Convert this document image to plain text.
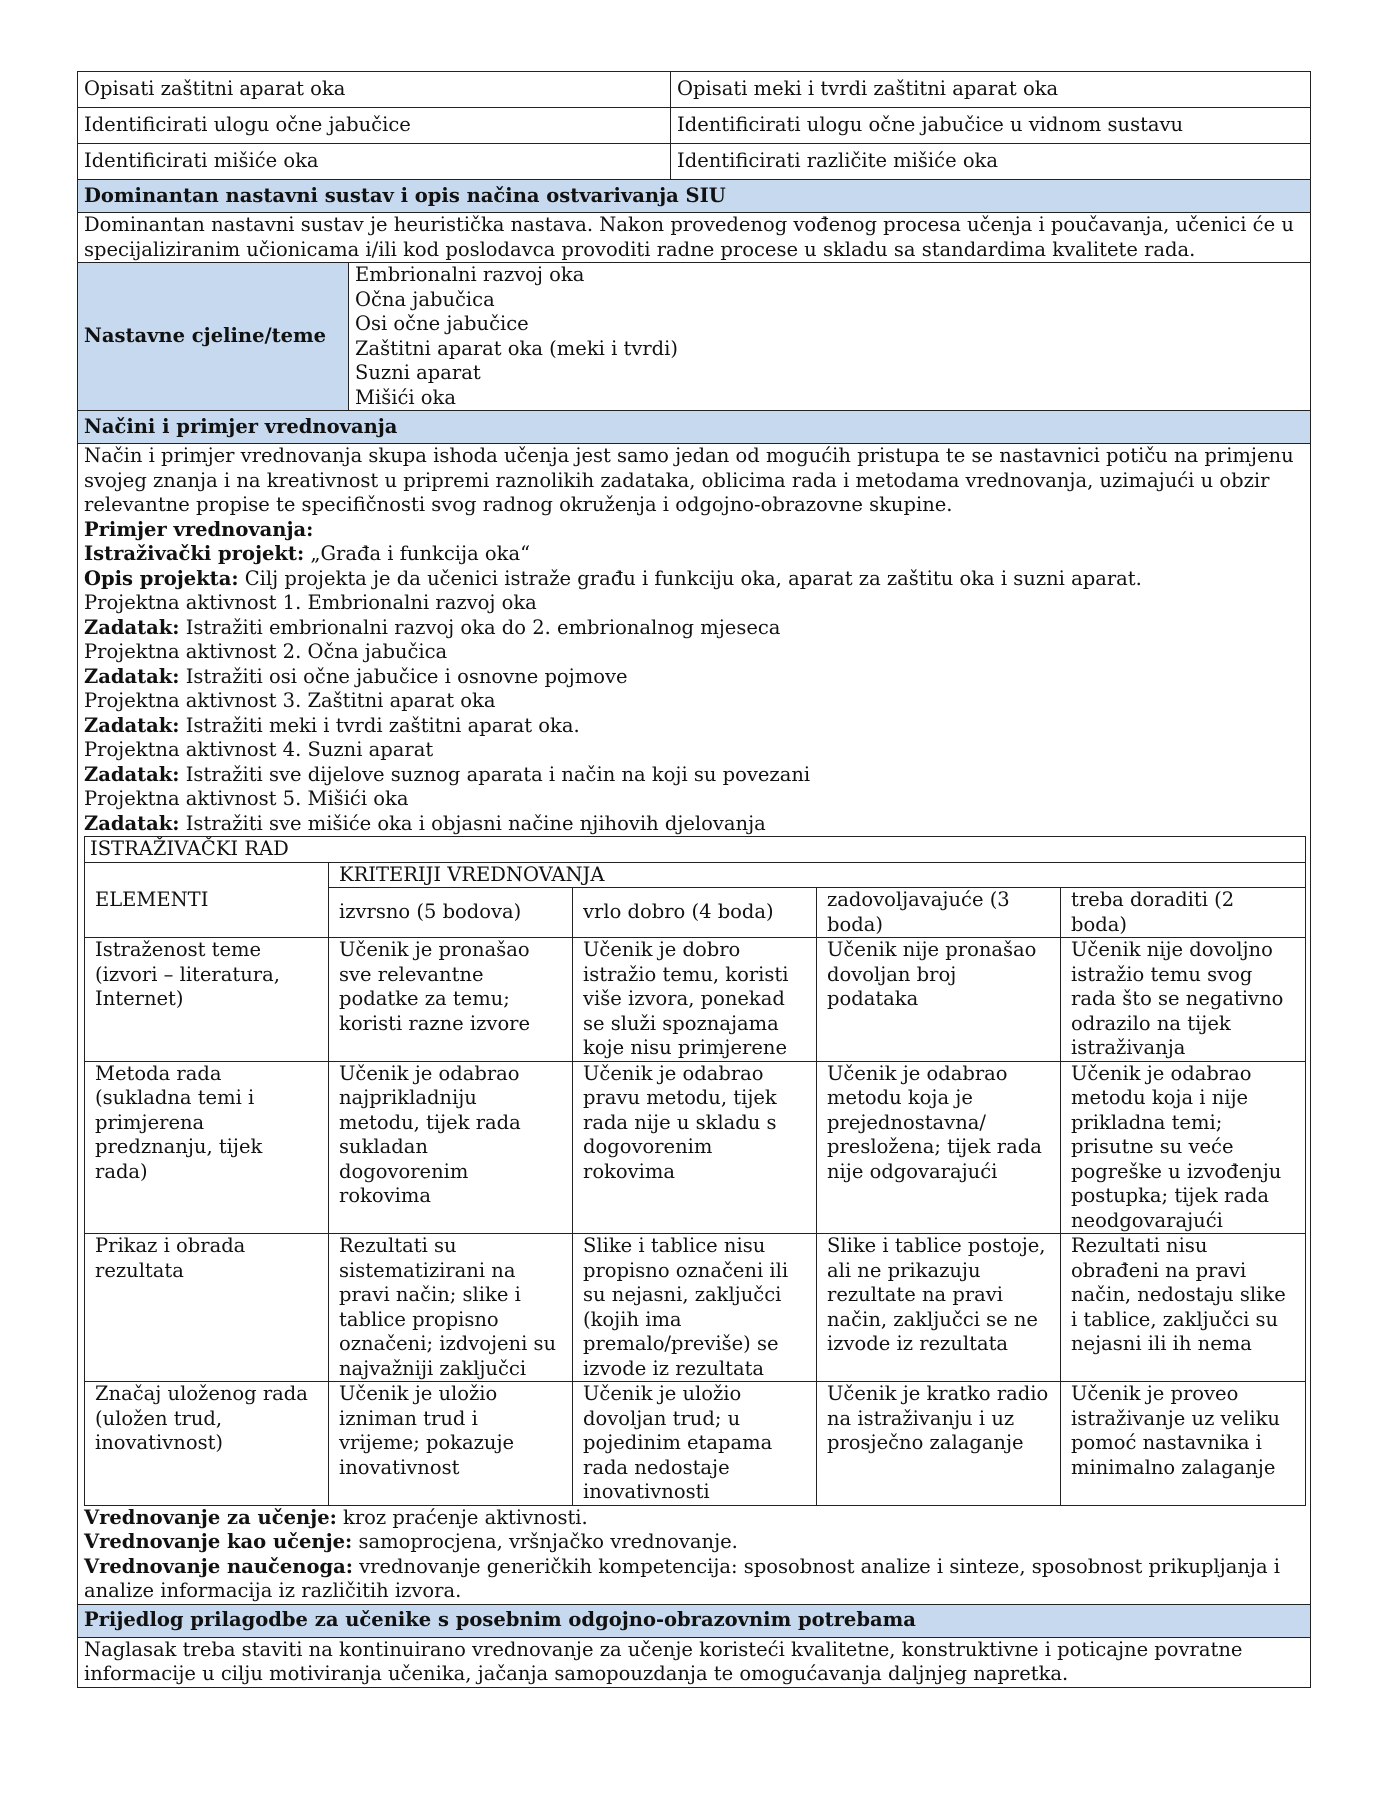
Opisati zaštitni aparat oka	Opisati meki i tvrdi zaštitni aparat oka
Identificirati ulogu očne jabučice	Identificirati ulogu očne jabučice u vidnom sustavu
Identificirati mišiće oka	Identificirati različite mišiće oka
Dominantan nastavni sustav i opis načina ostvarivanja SIU

Dominantan nastavni sustav je heuristička nastava. Nakon provedenog vođenog procesa učenja i poučavanja, učenici će u
specijaliziranim učionicama i/ili kod poslodavca provoditi radne procese u skladu sa standardima kvalitete rada.

Nastavne cjeline/teme	
Embrionalni razvoj oka
Očna jabučica
Osi očne jabučice
Zaštitni aparat oka (meki i tvrdi)
Suzni aparat
Mišići oka

Načini i primjer vrednovanja

Način i primjer vrednovanja skupa ishoda učenja jest samo jedan od mogućih pristupa te se nastavnici potiču na primjenu
svojeg znanja i na kreativnost u pripremi raznolikih zadataka, oblicima rada i metodama vrednovanja, uzimajući u obzir
relevantne propise te specifičnosti svog radnog okruženja i odgojno-obrazovne skupine.
Primjer vrednovanja:
Istraživački projekt: „Građa i funkcija oka“
Opis projekta: Cilj projekta je da učenici istraže građu i funkciju oka, aparat za zaštitu oka i suzni aparat.
Projektna aktivnost 1. Embrionalni razvoj oka
Zadatak: Istražiti embrionalni razvoj oka do 2. embrionalnog mjeseca
Projektna aktivnost 2. Očna jabučica
Zadatak: Istražiti osi očne jabučice i osnovne pojmove
Projektna aktivnost 3. Zaštitni aparat oka
Zadatak: Istražiti meki i tvrdi zaštitni aparat oka.
Projektna aktivnost 4. Suzni aparat
Zadatak: Istražiti sve dijelove suznog aparata i način na koji su povezani
Projektna aktivnost 5. Mišići oka
Zadatak: Istražiti sve mišiće oka i objasni načine njihovih djelovanja
ISTRAŽIVAČKI RAD
ELEMENTI	KRITERIJI VREDNOVANJA
izvrsno (5 bodova)	vrlo dobro (4 boda)	zadovoljavajuće (3 boda)	treba doraditi (2 boda)
Istraženost teme (izvori – literatura, Internet)	Učenik je pronašao sve relevantne podatke za temu; koristi razne izvore	Učenik je dobro istražio temu, koristi više izvora, ponekad se služi spoznajama koje nisu primjerene	Učenik nije pronašao dovoljan broj podataka	Učenik nije dovoljno istražio temu svog rada što se negativno odrazilo na tijek istraživanja
Metoda rada (sukladna temi i primjerena predznanju, tijek rada)	Učenik je odabrao najprikladniju metodu, tijek rada sukladan dogovorenim rokovima	Učenik je odabrao pravu metodu, tijek rada nije u skladu s dogovorenim rokovima	Učenik je odabrao metodu koja je prejednostavna/ presložena; tijek rada nije odgovarajući	Učenik je odabrao metodu koja i nije prikladna temi; prisutne su veće pogreške u izvođenju postupka; tijek rada neodgovarajući
Prikaz i obrada rezultata	Rezultati su sistematizirani na pravi način; slike i tablice propisno označeni; izdvojeni su najvažniji zaključci	Slike i tablice nisu propisno označeni ili su nejasni, zaključci (kojih ima premalo/previše) se izvode iz rezultata	Slike i tablice postoje, ali ne prikazuju rezultate na pravi način, zaključci se ne izvode iz rezultata	Rezultati nisu obrađeni na pravi način, nedostaju slike i tablice, zaključci su nejasni ili ih nema
Značaj uloženog rada (uložen trud, inovativnost)	Učenik je uložio izniman trud i vrijeme; pokazuje inovativnost	Učenik je uložio dovoljan trud; u pojedinim etapama rada nedostaje inovativnosti	Učenik je kratko radio na istraživanju i uz prosječno zalaganje	Učenik je proveo istraživanje uz veliku pomoć nastavnika i minimalno zalaganje
Vrednovanje za učenje: kroz praćenje aktivnosti.
Vrednovanje kao učenje: samoprocjena, vršnjačko vrednovanje.
Vrednovanje naučenoga: vrednovanje generičkih kompetencija: sposobnost analize i sinteze, sposobnost prikupljanja i
analize informacija iz različitih izvora.

Prijedlog prilagodbe za učenike s posebnim odgojno-obrazovnim potrebama

Naglasak treba staviti na kontinuirano vrednovanje za učenje koristeći kvalitetne, konstruktivne i poticajne povratne
informacije u cilju motiviranja učenika, jačanja samopouzdanja te omogućavanja daljnjeg napretka.
